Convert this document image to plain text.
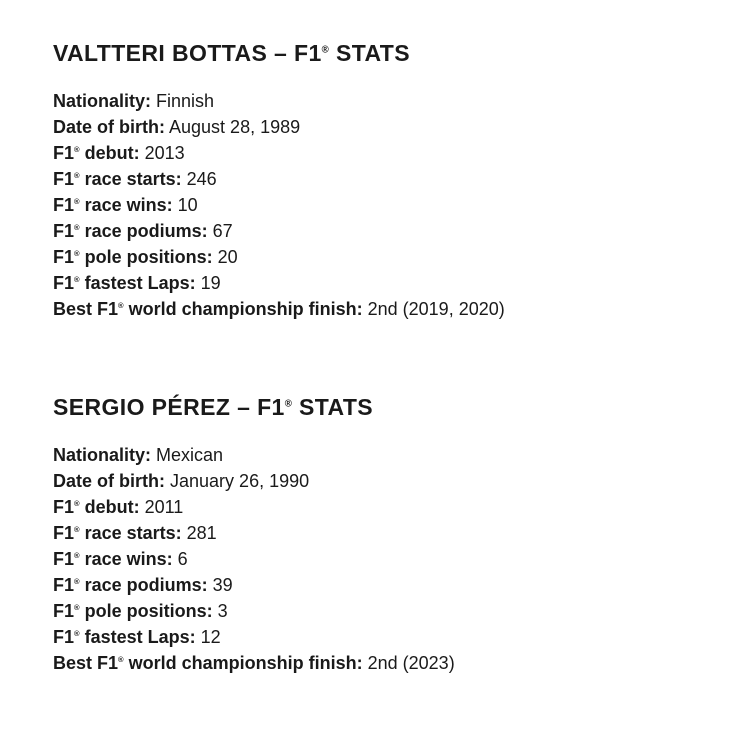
VALTTERI BOTTAS – F1® STATS
Nationality: Finnish
Date of birth: August 28, 1989
F1® debut: 2013
F1® race starts: 246
F1® race wins: 10
F1® race podiums: 67
F1® pole positions: 20
F1® fastest Laps: 19
Best F1® world championship finish: 2nd (2019, 2020)
SERGIO PÉREZ – F1® STATS
Nationality: Mexican
Date of birth: January 26, 1990
F1® debut: 2011
F1® race starts: 281
F1® race wins: 6
F1® race podiums: 39
F1® pole positions: 3
F1® fastest Laps: 12
Best F1® world championship finish: 2nd (2023)
